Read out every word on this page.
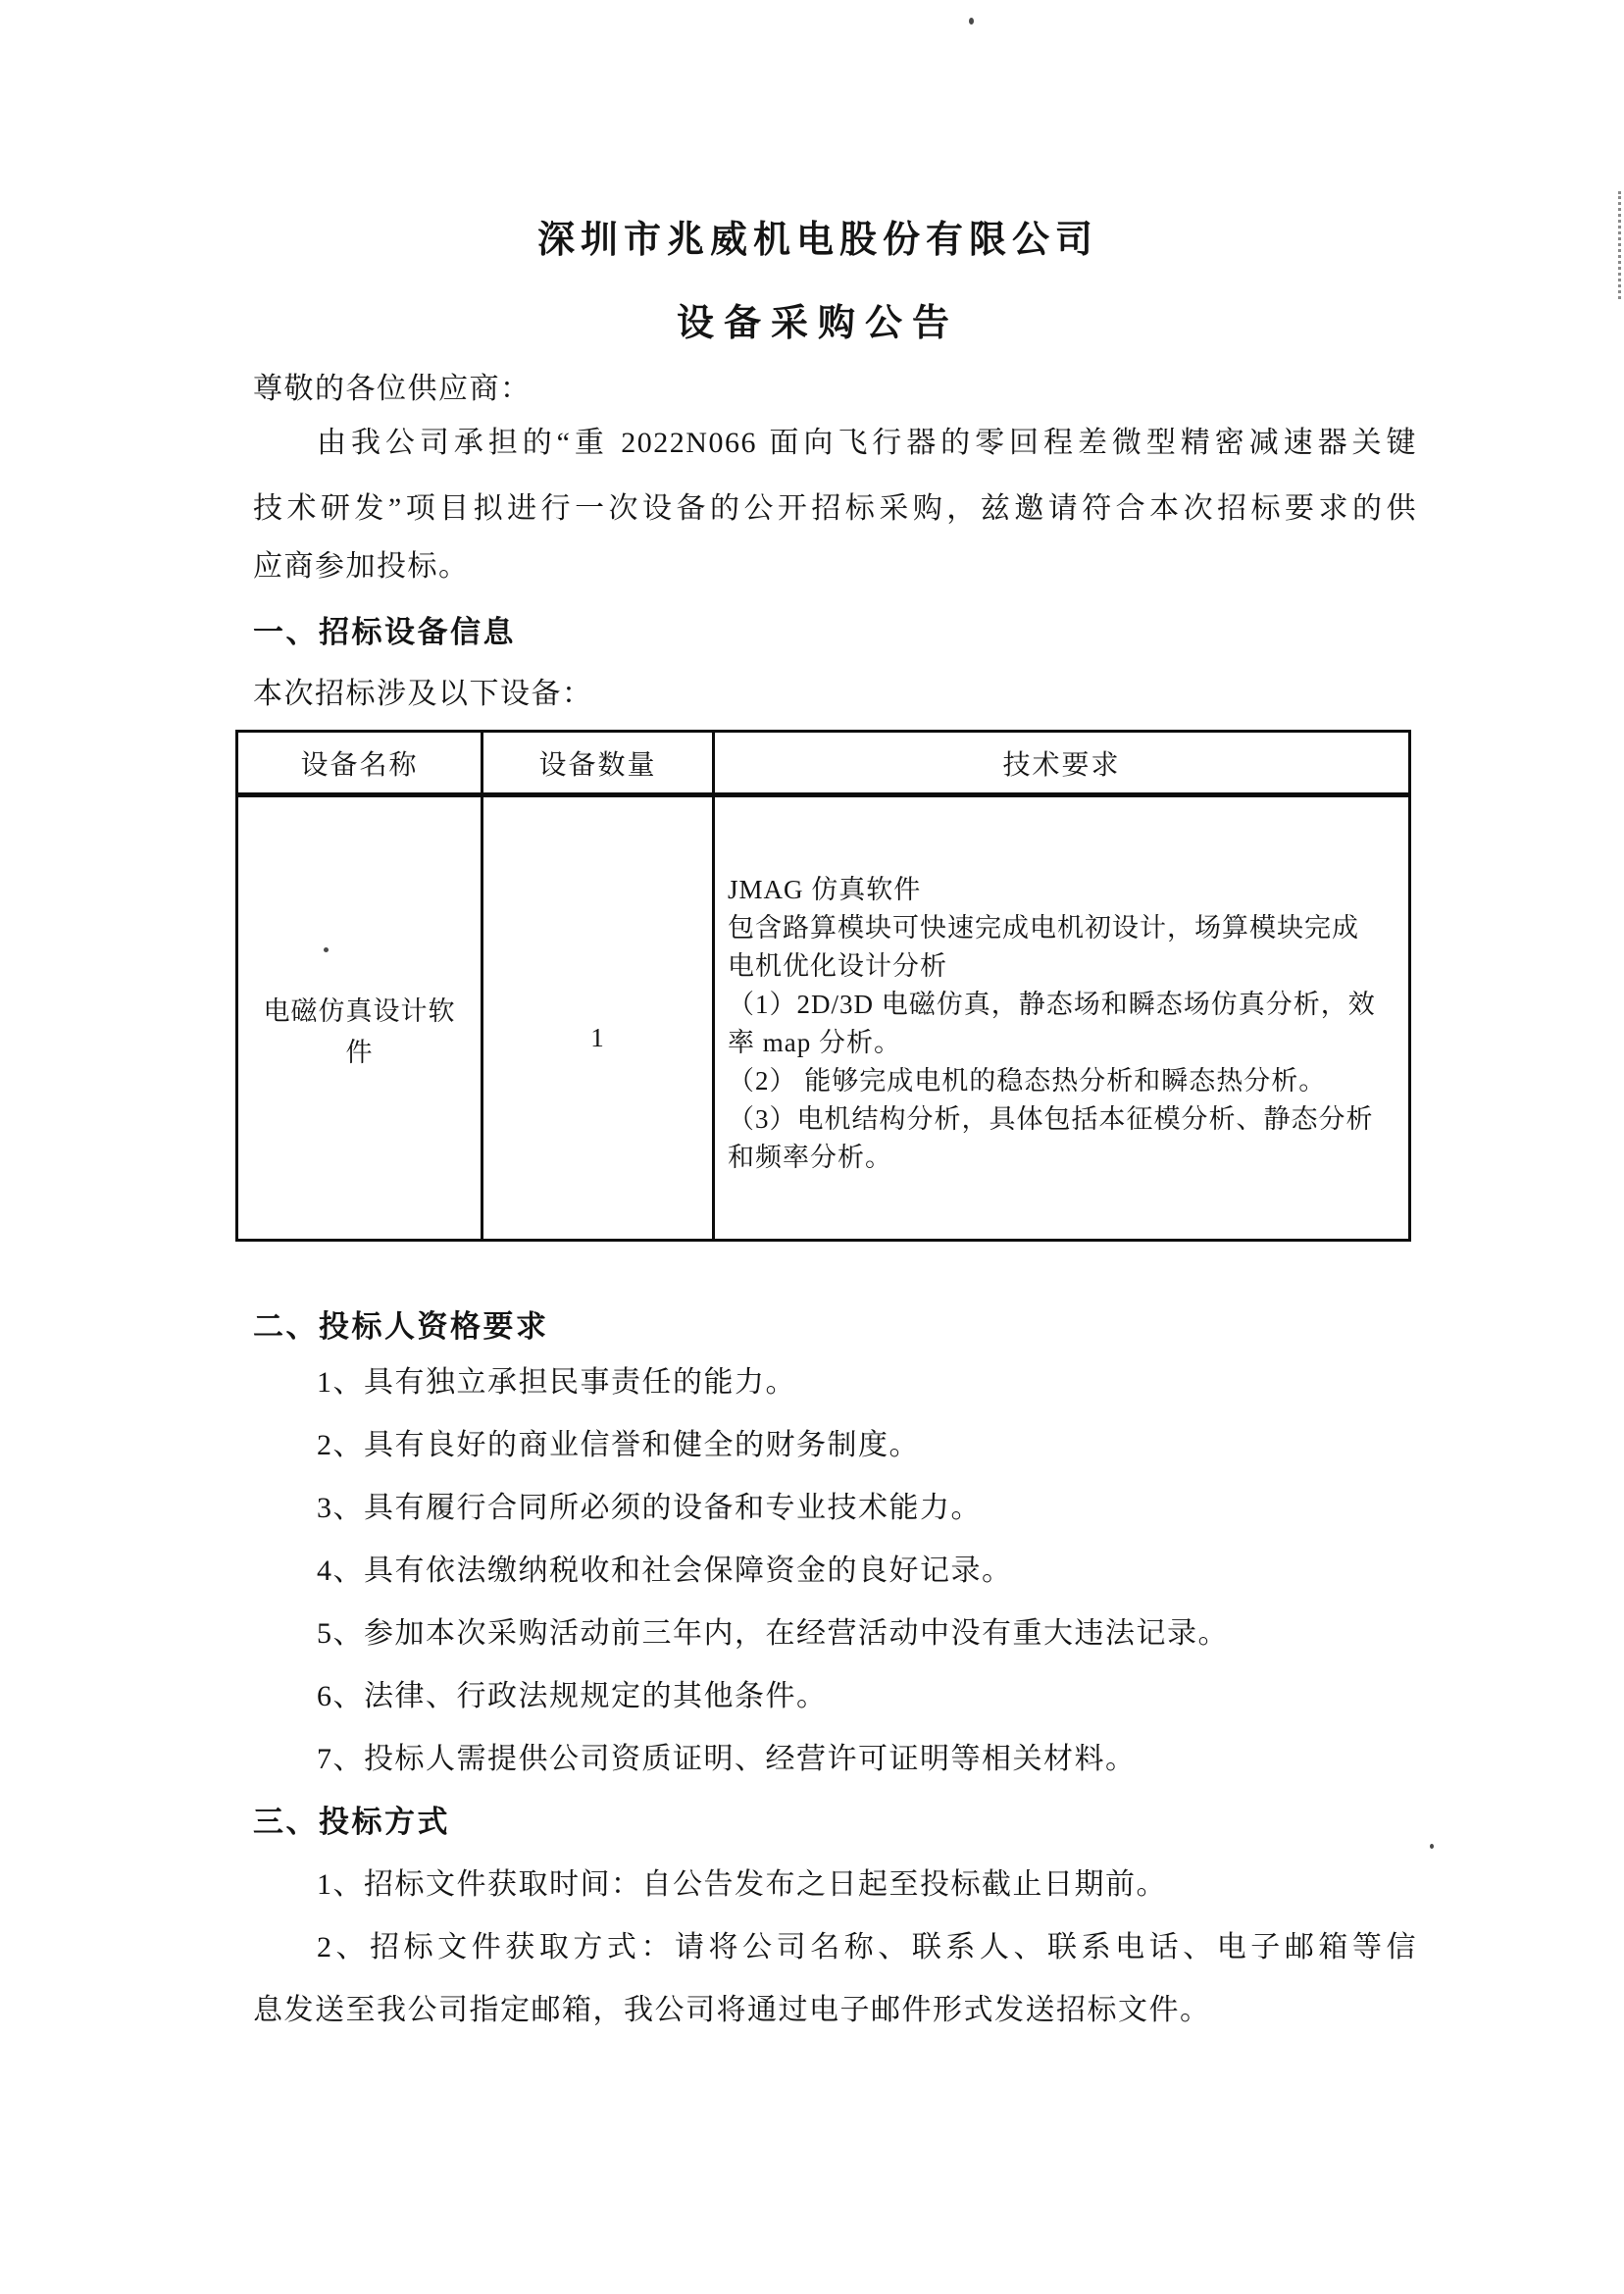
深圳市兆威机电股份有限公司
设备采购公告
尊敬的各位供应商：
由我公司承担的“重 2022N066 面向飞行器的零回程差微型精密减速器关键
技术研发”项目拟进行一次设备的公开招标采购，兹邀请符合本次招标要求的供
应商参加投标。
一、招标设备信息
本次招标涉及以下设备：
设备名称	设备数量	技术要求
电磁仿真设计软
件
1
JMAG 仿真软件
包含路算模块可快速完成电机初设计，场算模块完成
电机优化设计分析
（1）2D/3D 电磁仿真，静态场和瞬态场仿真分析，效
率 map 分析。
（2） 能够完成电机的稳态热分析和瞬态热分析。
（3）电机结构分析，具体包括本征模分析、静态分析
和频率分析。
二、投标人资格要求
1、具有独立承担民事责任的能力。
2、具有良好的商业信誉和健全的财务制度。
3、具有履行合同所必须的设备和专业技术能力。
4、具有依法缴纳税收和社会保障资金的良好记录。
5、参加本次采购活动前三年内，在经营活动中没有重大违法记录。
6、法律、行政法规规定的其他条件。
7、投标人需提供公司资质证明、经营许可证明等相关材料。
三、投标方式
1、招标文件获取时间：自公告发布之日起至投标截止日期前。
2、招标文件获取方式：请将公司名称、联系人、联系电话、电子邮箱等信
息发送至我公司指定邮箱，我公司将通过电子邮件形式发送招标文件。
